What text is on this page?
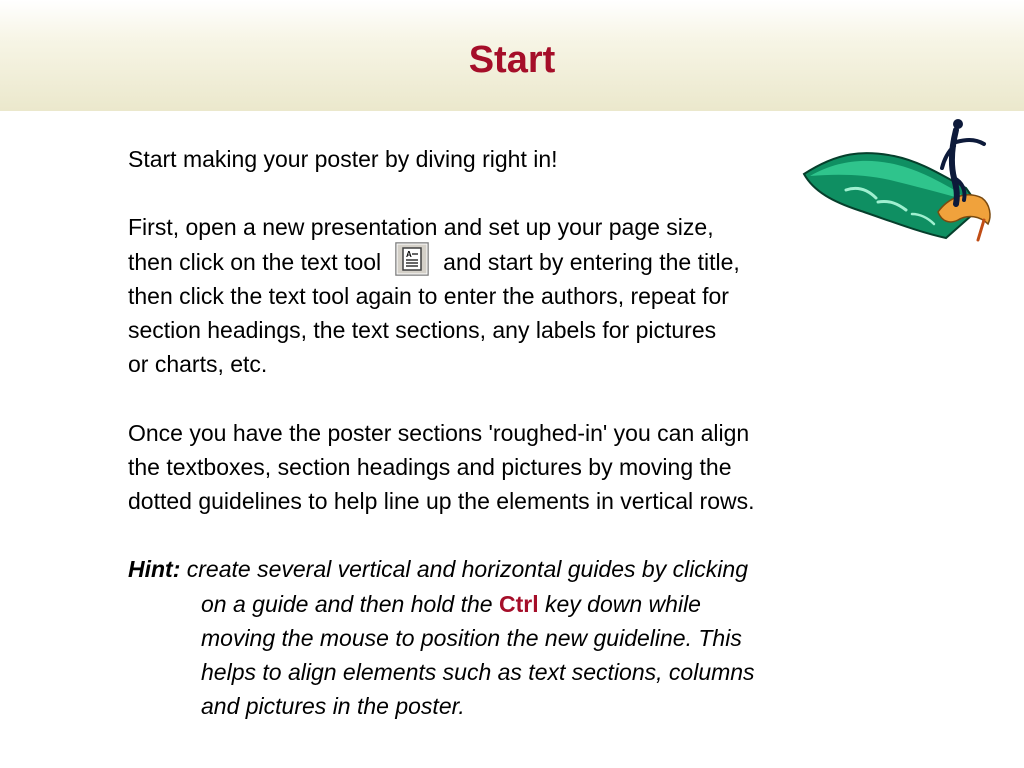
Start

Start making your poster by diving right in!

First, open a new presentation and set up your page size,

then click on the text tool	A and start by entering the title,

then click the text tool again to enter the authors, repeat for

section headings, the text sections, any labels for pictures

or charts, etc.

Once you have the poster sections 'roughed-in' you can align

the textboxes, section headings and pictures by moving the

dotted guidelines to help line up the elements in vertical rows.

Hint: create several vertical and horizontal guides by clicking

on a guide and then hold the Ctrl key down while

moving the mouse to position the new guideline. This

helps to align elements such as text sections, columns

and pictures in the poster.
